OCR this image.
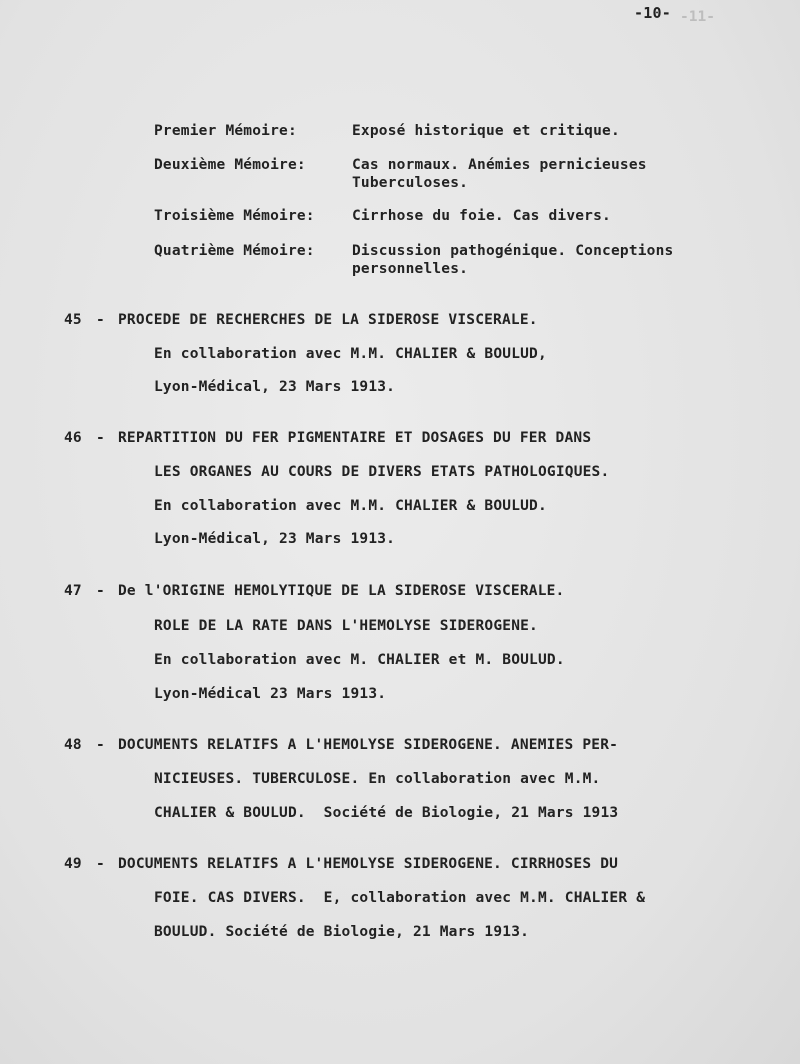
-11-
-10-
Premier Mémoire:	Exposé historique et critique.
Deuxième Mémoire:	Cas normaux. Anémies pernicieuses
Tuberculoses.
Troisième Mémoire:	Cirrhose du foie. Cas divers.
Quatrième Mémoire:	Discussion pathogénique. Conceptions
personnelles.
45 - PROCEDE DE RECHERCHES DE LA SIDEROSE VISCERALE.
En collaboration avec M.M. CHALIER & BOULUD,
Lyon-Médical, 23 Mars 1913.
46 - REPARTITION DU FER PIGMENTAIRE ET DOSAGES DU FER DANS
LES ORGANES AU COURS DE DIVERS ETATS PATHOLOGIQUES.
En collaboration avec M.M. CHALIER & BOULUD.
Lyon-Médical, 23 Mars 1913.
47 - De l'ORIGINE HEMOLYTIQUE DE LA SIDEROSE VISCERALE.
ROLE DE LA RATE DANS L'HEMOLYSE SIDEROGENE.
En collaboration avec M. CHALIER et M. BOULUD.
Lyon-Médical 23 Mars 1913.
48 - DOCUMENTS RELATIFS A L'HEMOLYSE SIDEROGENE. ANEMIES PER-
NICIEUSES. TUBERCULOSE. En collaboration avec M.M.
CHALIER & BOULUD.  Société de Biologie, 21 Mars 1913
49 - DOCUMENTS RELATIFS A L'HEMOLYSE SIDEROGENE. CIRRHOSES DU
FOIE. CAS DIVERS.  E, collaboration avec M.M. CHALIER &
BOULUD. Société de Biologie, 21 Mars 1913.
